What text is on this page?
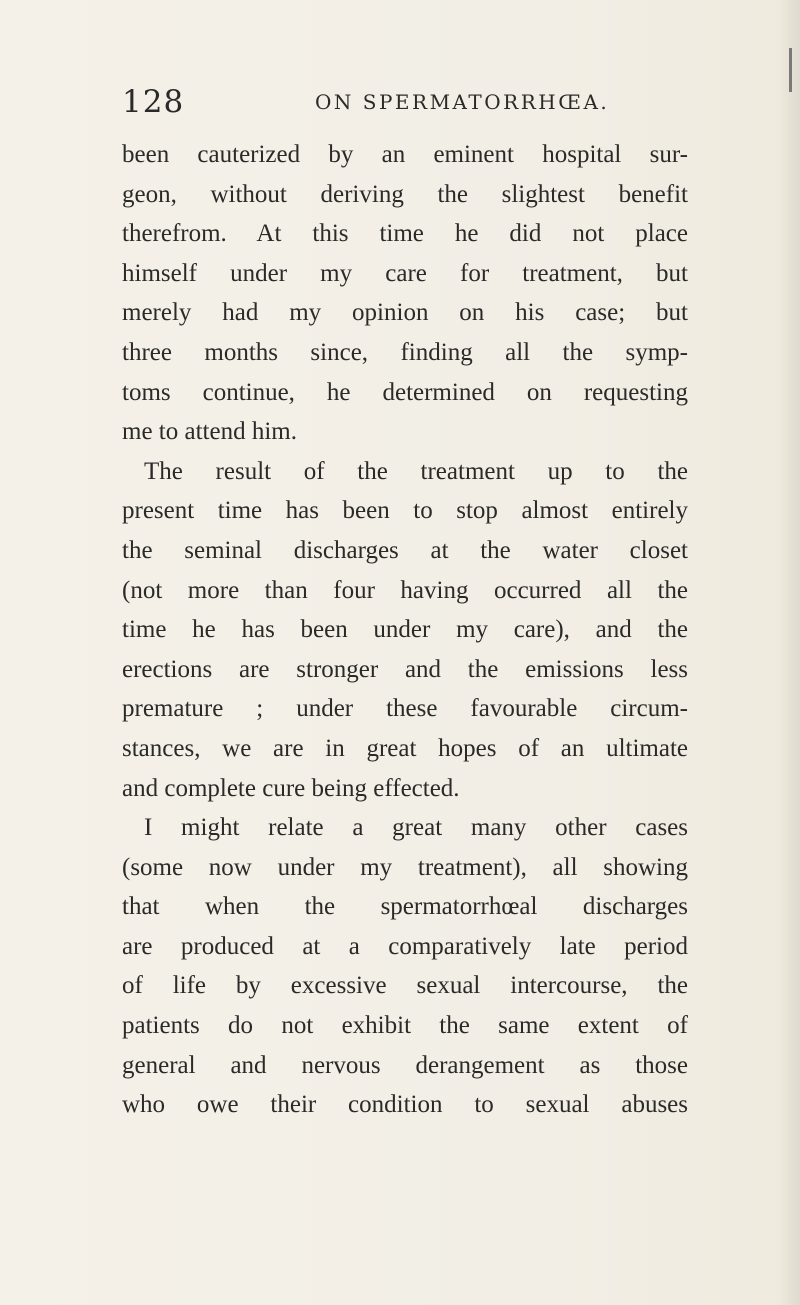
128	ON SPERMATORRHŒA.
been cauterized by an eminent hospital sur-
geon, without deriving the slightest benefit
therefrom. At this time he did not place
himself under my care for treatment, but
merely had my opinion on his case; but
three months since, finding all the symp-
toms continue, he determined on requesting
me to attend him.
The result of the treatment up to the
present time has been to stop almost entirely
the seminal discharges at the water closet
(not more than four having occurred all the
time he has been under my care), and the
erections are stronger and the emissions less
premature ; under these favourable circum-
stances, we are in great hopes of an ultimate
and complete cure being effected.
I might relate a great many other cases
(some now under my treatment), all showing
that when the spermatorrhœal discharges
are produced at a comparatively late period
of life by excessive sexual intercourse, the
patients do not exhibit the same extent of
general and nervous derangement as those
who owe their condition to sexual abuses
